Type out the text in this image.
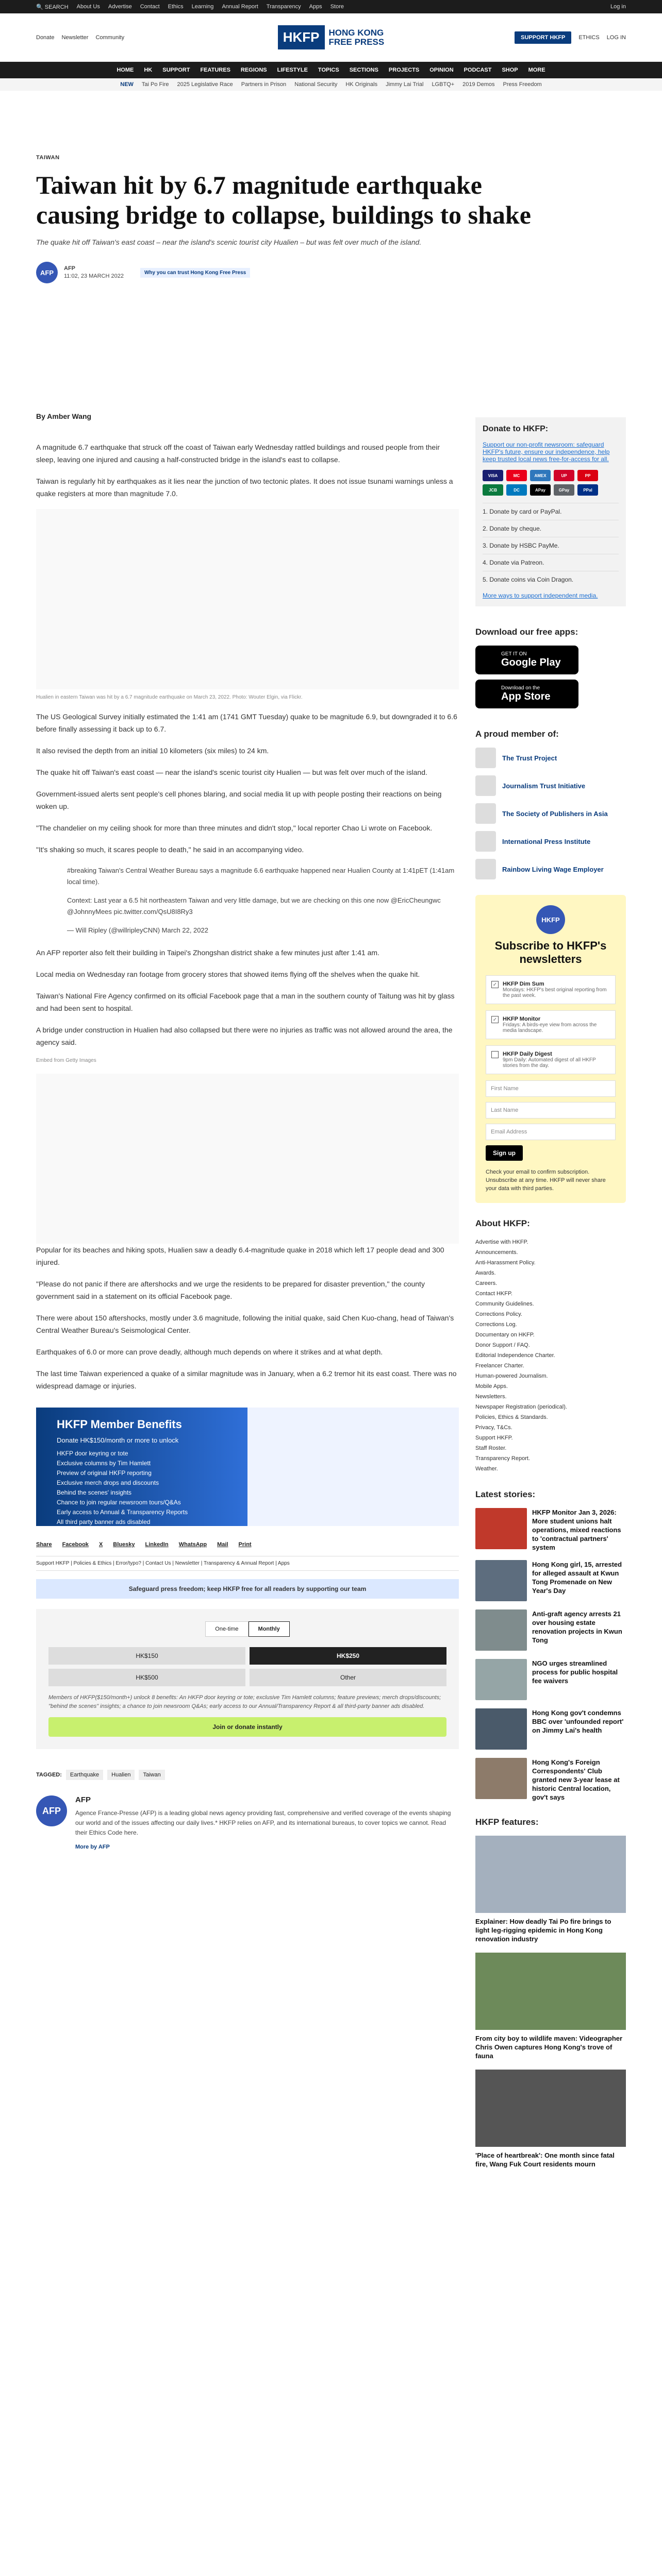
🔍 SEARCH About Us Advertise Contact Ethics Learning Annual Report Transparency Apps Store	Log in
Donate Newsletter Community	HKFP	HONG KONG
FREE PRESS	SUPPORT HKFP	ETHICS LOG IN
HOME HK SUPPORT FEATURES REGIONS LIFESTYLE TOPICS SECTIONS PROJECTS OPINION PODCAST SHOP MORE
NEW Tai Po Fire 2025 Legislative Race Partners in Prison National Security HK Originals Jimmy Lai Trial LGBTQ+ 2019 Demos Press Freedom
TAIWAN
Taiwan hit by 6.7 magnitude earthquake causing bridge to collapse, buildings to shake
The quake hit off Taiwan's east coast – near the island's scenic tourist city Hualien – but was felt over much of the island.
AFP
AFP
11:02, 23 MARCH 2022
Why you can trust Hong Kong Free Press
By Amber Wang

A magnitude 6.7 earthquake that struck off the coast of Taiwan early Wednesday rattled buildings and roused people from their sleep, leaving one injured and causing a half-constructed bridge in the island's east to collapse.

Taiwan is regularly hit by earthquakes as it lies near the junction of two tectonic plates. It does not issue tsunami warnings unless a quake registers at more than magnitude 7.0.

Hualien in eastern Taiwan was hit by a 6.7 magnitude earthquake on March 23, 2022. Photo: Wouter Elgin, via Flickr.

The US Geological Survey initially estimated the 1:41 am (1741 GMT Tuesday) quake to be magnitude 6.9, but downgraded it to 6.6 before finally assessing it back up to 6.7.

It also revised the depth from an initial 10 kilometers (six miles) to 24 km.

The quake hit off Taiwan's east coast — near the island's scenic tourist city Hualien — but was felt over much of the island.

Government-issued alerts sent people's cell phones blaring, and social media lit up with people posting their reactions on being woken up.

"The chandelier on my ceiling shook for more than three minutes and didn't stop," local reporter Chao Li wrote on Facebook.

"It's shaking so much, it scares people to death," he said in an accompanying video.

#breaking Taiwan's Central Weather Bureau says a magnitude 6.6 earthquake happened near Hualien County at 1:41pET (1:41am local time).

Context: Last year a 6.5 hit northeastern Taiwan and very little damage, but we are checking on this one now @EricCheungwc @JohnnyMees pic.twitter.com/QsU8I8Ry3

— Will Ripley (@willripleyCNN) March 22, 2022

An AFP reporter also felt their building in Taipei's Zhongshan district shake a few minutes just after 1:41 am.

Local media on Wednesday ran footage from grocery stores that showed items flying off the shelves when the quake hit.

Taiwan's National Fire Agency confirmed on its official Facebook page that a man in the southern county of Taitung was hit by glass and had been sent to hospital.

A bridge under construction in Hualien had also collapsed but there were no injuries as traffic was not allowed around the area, the agency said.

Embed from Getty Images

Popular for its beaches and hiking spots, Hualien saw a deadly 6.4-magnitude quake in 2018 which left 17 people dead and 300 injured.

"Please do not panic if there are aftershocks and we urge the residents to be prepared for disaster prevention," the county government said in a statement on its official Facebook page.

There were about 150 aftershocks, mostly under 3.6 magnitude, following the initial quake, said Chen Kuo-chang, head of Taiwan's Central Weather Bureau's Seismological Center.

Earthquakes of 6.0 or more can prove deadly, although much depends on where it strikes and at what depth.

The last time Taiwan experienced a quake of a similar magnitude was in January, when a 6.2 tremor hit its east coast. There was no widespread damage or injuries.

HKFP Member Benefits
Donate HK$150/month or more to unlock
HKFP door keyring or tote
Exclusive columns by Tim Hamlett
Preview of original HKFP reporting
Exclusive merch drops and discounts
Behind the scenes' insights
Chance to join regular newsroom tours/Q&As
Early access to Annual & Transparency Reports
All third party banner ads disabled
Share Facebook X Bluesky LinkedIn WhatsApp Mail Print
Support HKFP | Policies & Ethics | Error/typo? | Contact Us | Newsletter | Transparency & Annual Report | Apps
Safeguard press freedom; keep HKFP free for all readers by supporting our team
One-time	Monthly
HK$150	HK$250
HK$500	Other

Members of HKFP($150/month+) unlock 8 benefits: An HKFP door keyring or tote; exclusive Tim Hamlett columns; feature previews; merch drops/discounts; "behind the scenes" insights; a chance to join newsroom Q&As; early access to our Annual/Transparency Report & all third-party banner ads disabled.

Join or donate instantly
TAGGED:	Earthquake	Hualien	Taiwan
AFP
AFP

Agence France-Presse (AFP) is a leading global news agency providing fast, comprehensive and verified coverage of the events shaping our world and of the issues affecting our daily lives.* HKFP relies on AFP, and its international bureaus, to cover topics we cannot. Read their Ethics Code here.

More by AFP
Donate to HKFP:

Support our non-profit newsroom: safeguard HKFP's future, ensure our independence, help keep trusted local news free-for-access for all.

VISA	MC	AMEX	UP	PP
JCB	DC	APay	GPay	PPal
1. Donate by card or PayPal.
2. Donate by cheque.
3. Donate by HSBC PayMe.
4. Donate via Patreon.
5. Donate coins via Coin Dragon.

More ways to support independent media.

Download our free apps:
GET IT ON
Google Play
Download on the
App Store
A proud member of:
The Trust Project
Journalism Trust Initiative
The Society of Publishers in Asia
International Press Institute
Rainbow Living Wage Employer
HKFP
Subscribe to HKFP's newsletters
✓ HKFP Dim Sum
Mondays: HKFP's best original reporting from the past week.
✓ HKFP Monitor
Fridays: A birds-eye view from across the media landscape.
HKFP Daily Digest
9pm Daily: Automated digest of all HKFP stories from the day.
First Name
Last Name
Email Address
Sign up

Check your email to confirm subscription. Unsubscribe at any time. HKFP will never share your data with third parties.

About HKFP:
Advertise with HKFP.
Announcements.
Anti-Harassment Policy.
Awards.
Careers.
Contact HKFP.
Community Guidelines.
Corrections Policy.
Corrections Log.
Documentary on HKFP.
Donor Support / FAQ.
Editorial Independence Charter.
Freelancer Charter.
Human-powered Journalism.
Mobile Apps.
Newsletters.
Newspaper Registration (periodical).
Policies, Ethics & Standards.
Privacy, T&Cs.
Support HKFP.
Staff Roster.
Transparency Report.
Weather.
Latest stories:
HKFP Monitor Jan 3, 2026: More student unions halt operations, mixed reactions to 'contractual partners' system
Hong Kong girl, 15, arrested for alleged assault at Kwun Tong Promenade on New Year's Day
Anti-graft agency arrests 21 over housing estate renovation projects in Kwun Tong
NGO urges streamlined process for public hospital fee waivers
Hong Kong gov't condemns BBC over 'unfounded report' on Jimmy Lai's health
Hong Kong's Foreign Correspondents' Club granted new 3-year lease at historic Central location, gov't says
HKFP features:
Explainer: How deadly Tai Po fire brings to light leg-rigging epidemic in Hong Kong renovation industry
From city boy to wildlife maven: Videographer Chris Owen captures Hong Kong's trove of fauna
'Place of heartbreak': One month since fatal fire, Wang Fuk Court residents mourn
